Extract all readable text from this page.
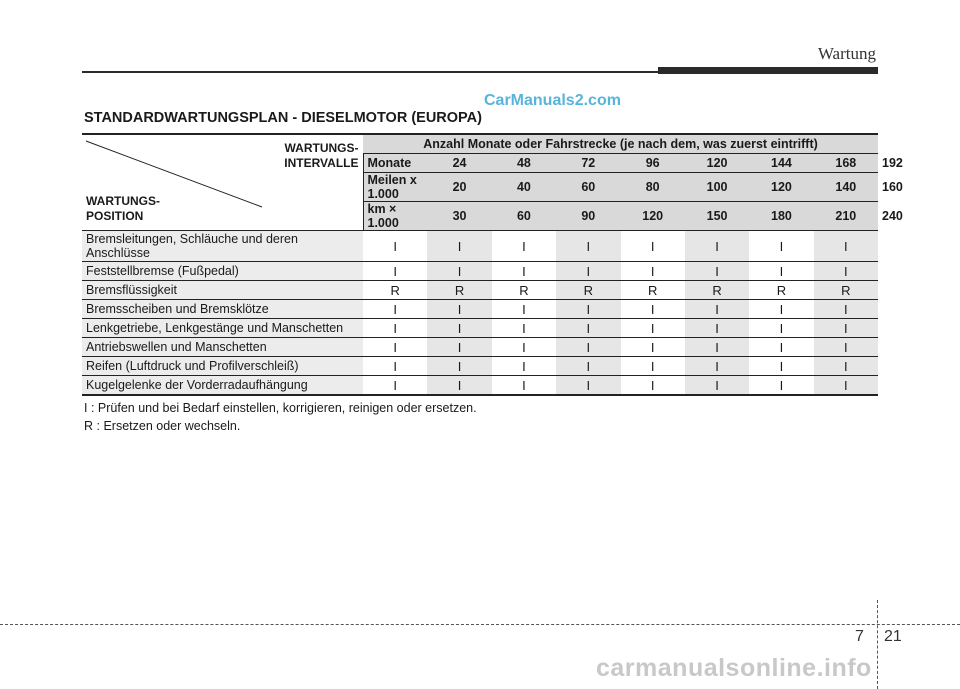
Wartung
CarManuals2.com
STANDARDWARTUNGSPLAN - DIESELMOTOR (EUROPA)
WARTUNGS-
INTERVALLE
WARTUNGS-
POSITION	Anzahl Monate oder Fahrstrecke (je nach dem, was zuerst eintrifft)								
	Monate	24	48	72	96	120	144	168	192
	Meilen x 1.000	20	40	60	80	100	120	140	160
	km × 1.000	30	60	90	120	150	180	210	240
Bremsleitungen, Schläuche und deren Anschlüsse	I	I	I	I	I	I	I	I	
Feststellbremse (Fußpedal)	I	I	I	I	I	I	I	I	
Bremsflüssigkeit	R	R	R	R	R	R	R	R	
Bremsscheiben und Bremsklötze	I	I	I	I	I	I	I	I	
Lenkgetriebe, Lenkgestänge und Manschetten	I	I	I	I	I	I	I	I	
Antriebswellen und Manschetten	I	I	I	I	I	I	I	I	
Reifen (Luftdruck und Profilverschleiß)	I	I	I	I	I	I	I	I	
Kugelgelenke der Vorderradaufhängung	I	I	I	I	I	I	I	I	
I : Prüfen und bei Bedarf einstellen, korrigieren, reinigen oder ersetzen.
R : Ersetzen oder wechseln.
7 21
carmanualsonline.info
